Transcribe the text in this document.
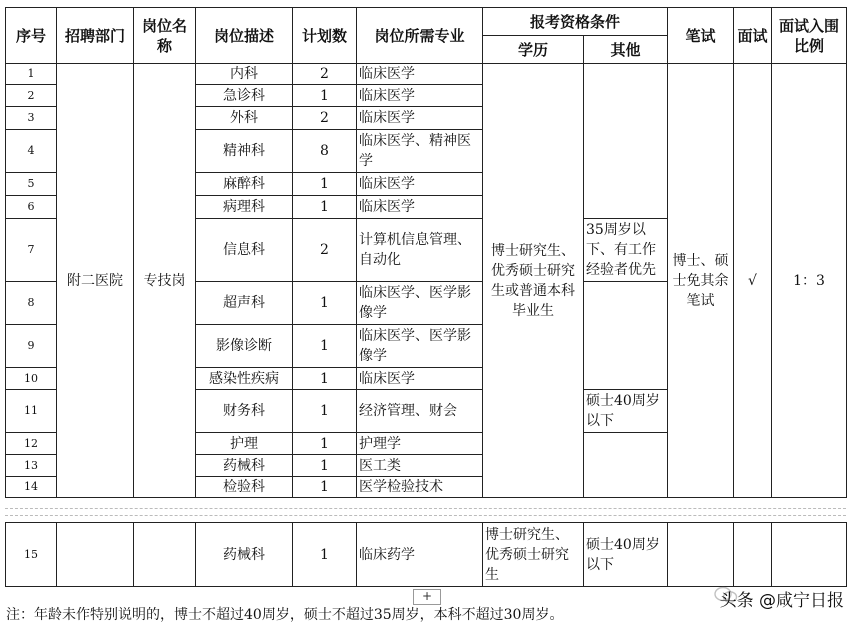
序号	招聘部门	岗位名称	岗位描述	计划数	岗位所需专业	报考资格条件		笔试	面试	面试入围比例
						学历	其他			
1	附二医院	专技岗	内科	2	临床医学	博士研究生、优秀硕士研究生或普通本科毕业生		博士、硕士免其余笔试	√	1：3
2			急诊科	1	临床医学					
3			外科	2	临床医学					
4			精神科	8	临床医学、精神医学					
5			麻醉科	1	临床医学					
6			病理科	1	临床医学					
7			信息科	2	计算机信息管理、自动化		35周岁以下、有工作经验者优先			
8			超声科	1	临床医学、医学影像学					
9			影像诊断	1	临床医学、医学影像学					
10			感染性疾病	1	临床医学					
11			财务科	1	经济管理、财会		硕士40周岁以下			
12			护理	1	护理学					
13			药械科	1	医工类					
14			检验科	1	医学检验技术					
15			药械科	1	临床药学	博士研究生、优秀硕士研究生	硕士40周岁以下			
+	头条 @咸宁日报
注：年龄未作特别说明的，博士不超过40周岁，硕士不超过35周岁，本科不超过30周岁。
